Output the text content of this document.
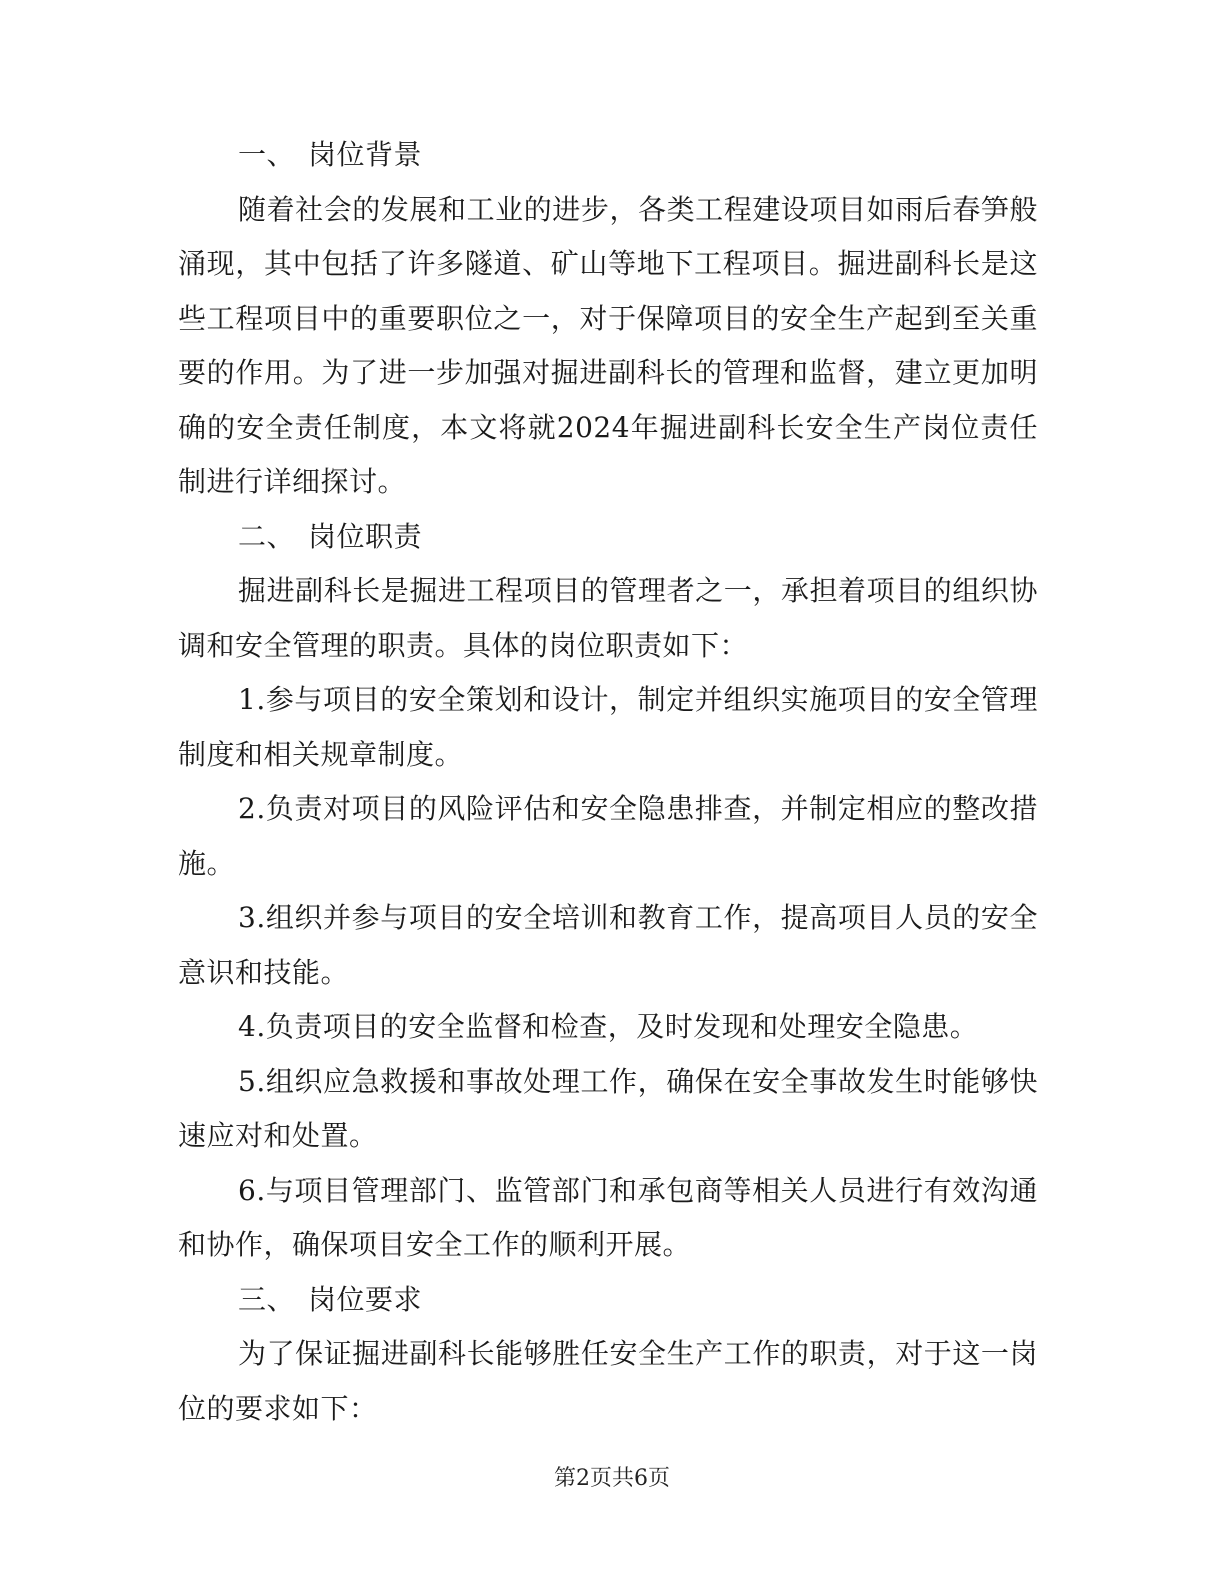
一、 岗位背景

随着社会的发展和工业的进步，各类工程建设项目如雨后春笋般涌现，其中包括了许多隧道、矿山等地下工程项目。掘进副科长是这些工程项目中的重要职位之一，对于保障项目的安全生产起到至关重要的作用。为了进一步加强对掘进副科长的管理和监督，建立更加明确的安全责任制度，本文将就2024年掘进副科长安全生产岗位责任制进行详细探讨。

二、 岗位职责

掘进副科长是掘进工程项目的管理者之一，承担着项目的组织协调和安全管理的职责。具体的岗位职责如下：

1.参与项目的安全策划和设计，制定并组织实施项目的安全管理制度和相关规章制度。

2.负责对项目的风险评估和安全隐患排查，并制定相应的整改措施。

3.组织并参与项目的安全培训和教育工作，提高项目人员的安全意识和技能。

4.负责项目的安全监督和检查，及时发现和处理安全隐患。

5.组织应急救援和事故处理工作，确保在安全事故发生时能够快速应对和处置。

6.与项目管理部门、监管部门和承包商等相关人员进行有效沟通和协作，确保项目安全工作的顺利开展。

三、 岗位要求

为了保证掘进副科长能够胜任安全生产工作的职责，对于这一岗位的要求如下：

第2页共6页
